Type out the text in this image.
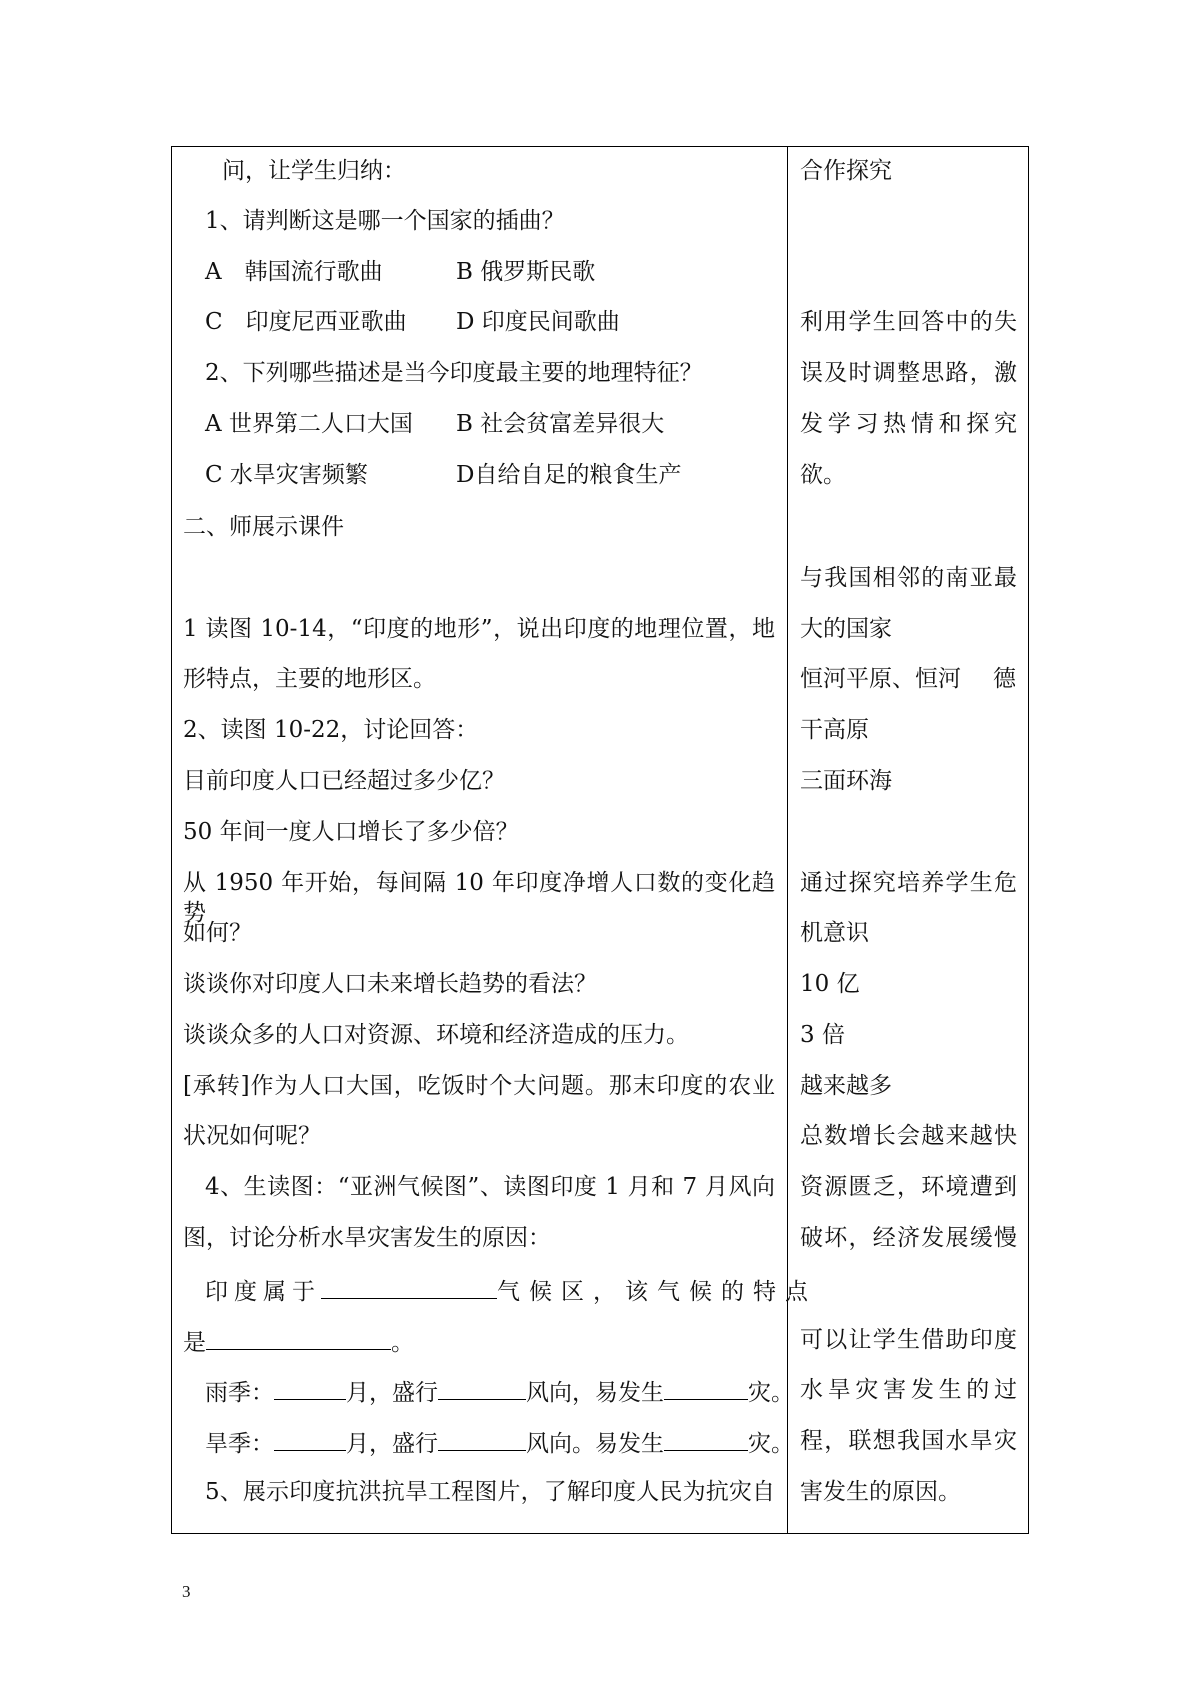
问，让学生归纳：
1、请判断这是哪一个国家的插曲？
A　韩国流行歌曲	B 俄罗斯民歌
C　印度尼西亚歌曲 D 印度民间歌曲
2、下列哪些描述是当今印度最主要的地理特征？
A 世界第二人口大国 B 社会贫富差异很大
C 水旱灾害频繁	D自给自足的粮食生产
二、师展示课件
1 读图 10-14，“印度的地形”，说出印度的地理位置，地
形特点，主要的地形区。
2、读图 10-22，讨论回答：
目前印度人口已经超过多少亿？
50 年间一度人口增长了多少倍？
从 1950 年开始，每间隔 10 年印度净增人口数的变化趋势
如何？
谈谈你对印度人口未来增长趋势的看法？
谈谈众多的人口对资源、环境和经济造成的压力。
[承转]作为人口大国，吃饭时个大问题。那末印度的农业
状况如何呢？
4、生读图：“亚洲气候图”、读图印度 1 月和 7 月风向
图，讨论分析水旱灾害发生的原因：
印度属于	气候区，该气候的特点
是	。
雨季：	月，盛行	风向，易发生	灾。
旱季：	月，盛行	风向。易发生	灾。
5、展示印度抗洪抗旱工程图片，了解印度人民为抗灾自
合作探究
利用学生回答中的失
误及时调整思路，激
发学习热情和探究
欲。
与我国相邻的南亚最
大的国家
恒河平原、恒河 德
干高原
三面环海
通过探究培养学生危
机意识
10 亿
3 倍
越来越多
总数增长会越来越快
资源匮乏，环境遭到
破坏，经济发展缓慢
可以让学生借助印度
水旱灾害发生的过
程，联想我国水旱灾
害发生的原因。
3
